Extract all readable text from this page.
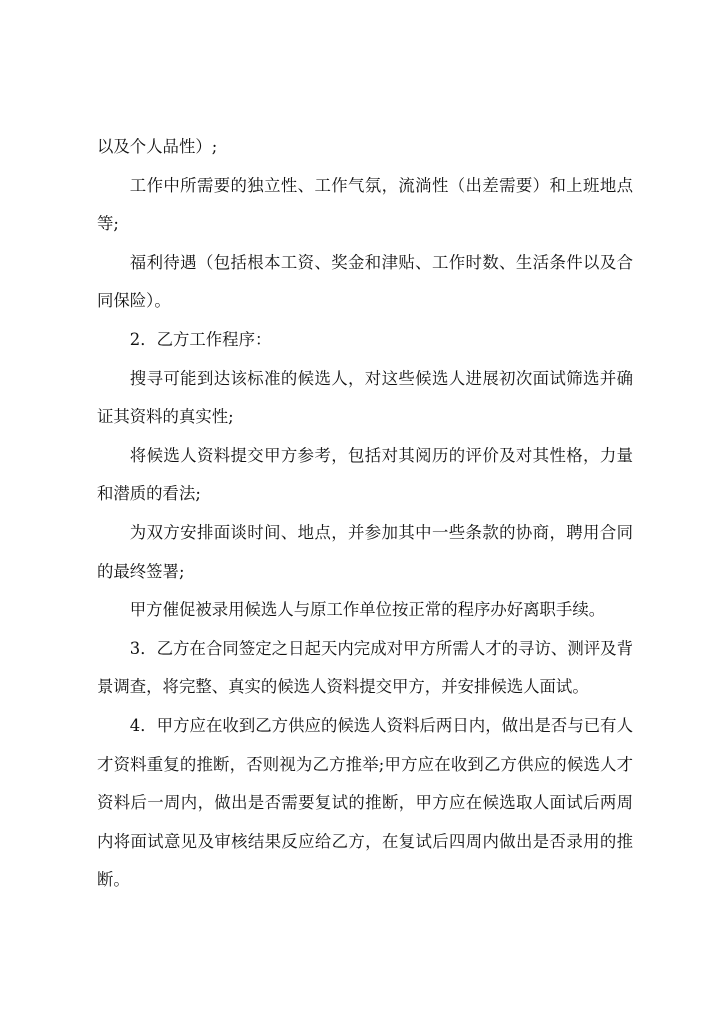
以及个人品性）;

工作中所需要的独立性、工作气氛，流淌性（出差需要）和上班地点等;

福利待遇（包括根本工资、奖金和津贴、工作时数、生活条件以及合同保险）。

2．乙方工作程序：

搜寻可能到达该标准的候选人，对这些候选人进展初次面试筛选并确证其资料的真实性;

将候选人资料提交甲方参考，包括对其阅历的评价及对其性格，力量和潜质的看法;

为双方安排面谈时间、地点，并参加其中一些条款的协商，聘用合同的最终签署;

甲方催促被录用候选人与原工作单位按正常的程序办好离职手续。

3．乙方在合同签定之日起天内完成对甲方所需人才的寻访、测评及背景调查，将完整、真实的候选人资料提交甲方，并安排候选人面试。

4．甲方应在收到乙方供应的候选人资料后两日内，做出是否与已有人才资料重复的推断，否则视为乙方推举;甲方应在收到乙方供应的候选人才资料后一周内，做出是否需要复试的推断，甲方应在候选取人面试后两周内将面试意见及审核结果反应给乙方，在复试后四周内做出是否录用的推断。
